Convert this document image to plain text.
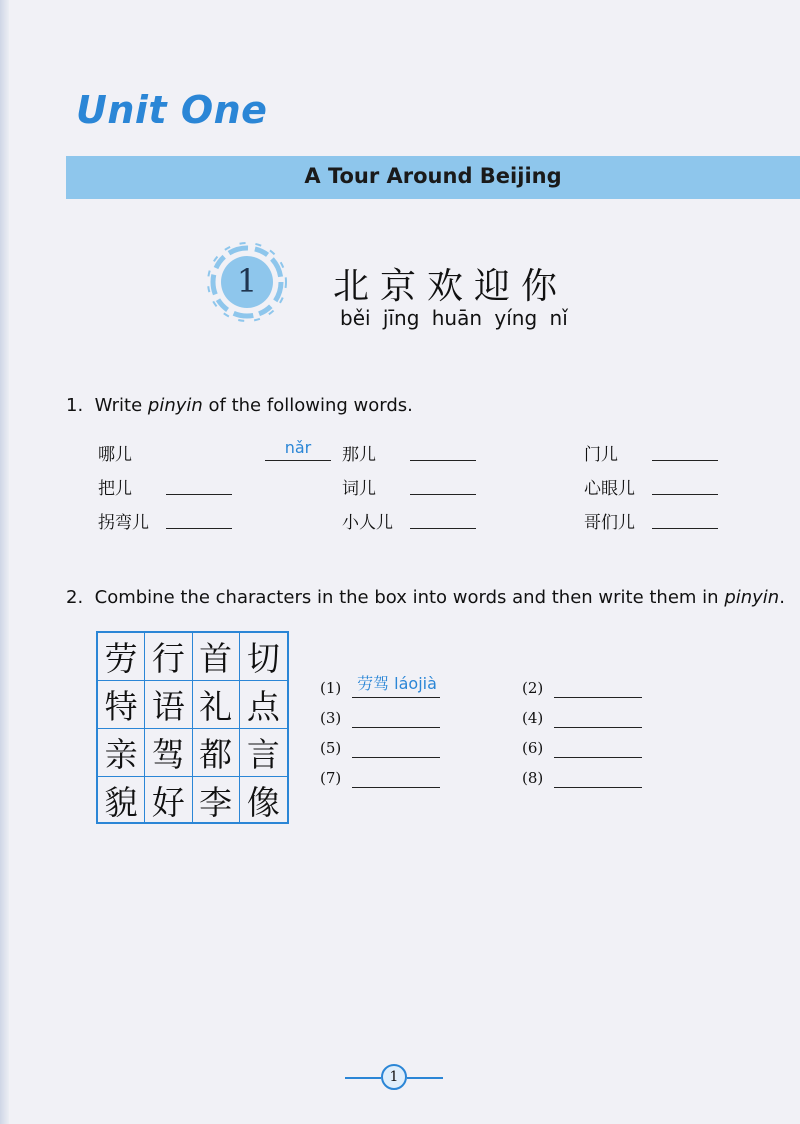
Unit One
A Tour Around Beijing
1	北京欢迎你
běi jīng huān yíng nǐ
1. Write pinyin of the following words.
哪儿	nǎr	那儿	门儿
把儿	词儿	心眼儿
拐弯儿	小人儿	哥们儿
2. Combine the characters in the box into words and then write them in pinyin.
劳 行 首 切
特 语 礼 点
亲 驾 都 言
貌 好 李 像
(1) 劳驾 láojià	(2)
(3)	(4)
(5)	(6)
(7)	(8)
1
